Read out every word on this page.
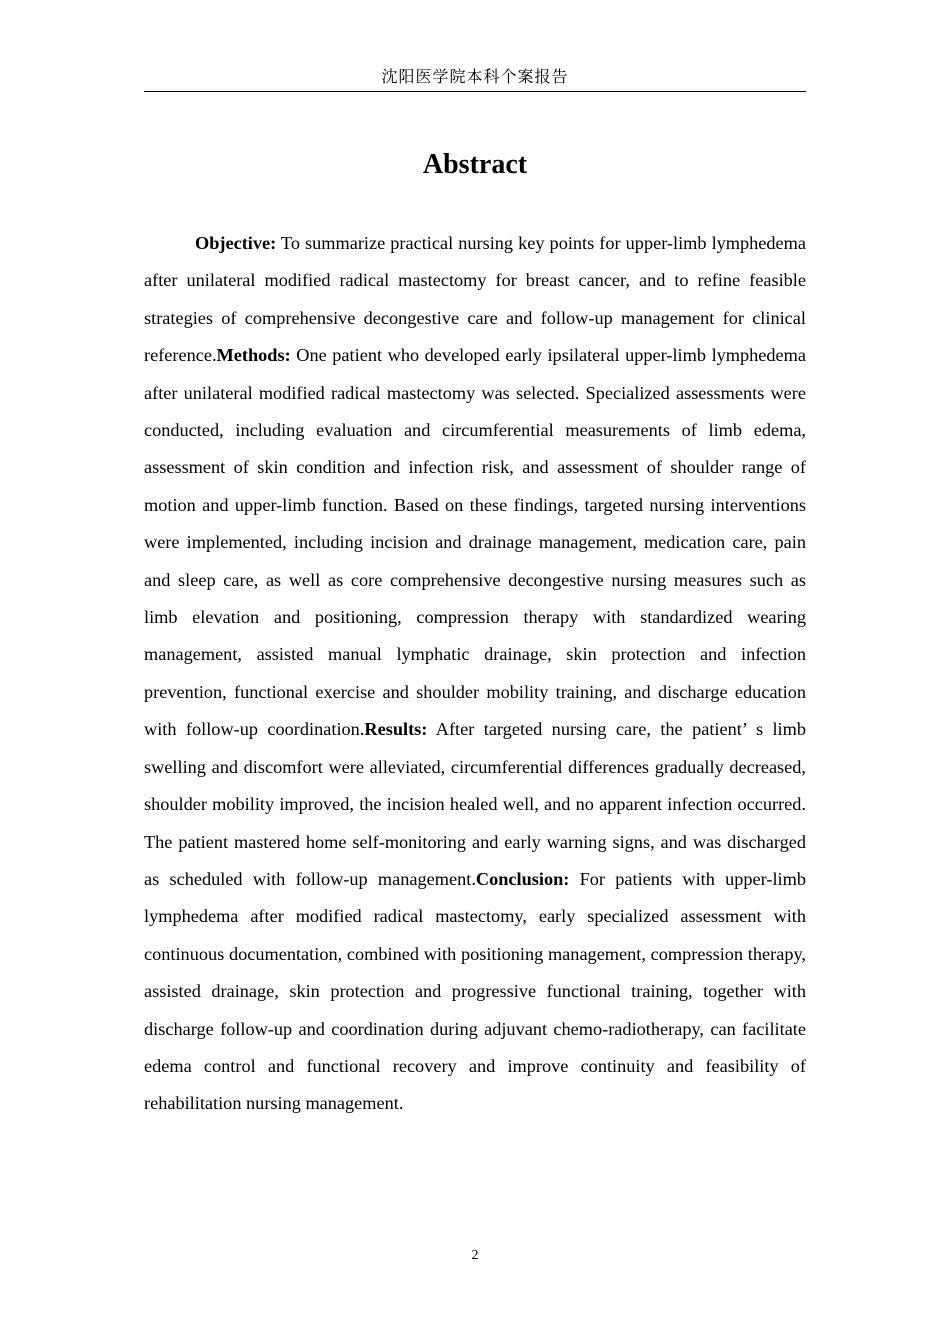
沈阳医学院本科个案报告
Abstract

Objective: To summarize practical nursing key points for upper-limb lymphedema after unilateral modified radical mastectomy for breast cancer, and to refine feasible strategies of comprehensive decongestive care and follow-up management for clinical reference.Methods: One patient who developed early ipsilateral upper-limb lymphedema after unilateral modified radical mastectomy was selected. Specialized assessments were conducted, including evaluation and circumferential measurements of limb edema, assessment of skin condition and infection risk, and assessment of shoulder range of motion and upper-limb function. Based on these findings, targeted nursing interventions were implemented, including incision and drainage management, medication care, pain and sleep care, as well as core comprehensive decongestive nursing measures such as limb elevation and positioning, compression therapy with standardized wearing management, assisted manual lymphatic drainage, skin protection and infection prevention, functional exercise and shoulder mobility training, and discharge education with follow-up coordination.Results: After targeted nursing care, the patient’ s limb swelling and discomfort were alleviated, circumferential differences gradually decreased, shoulder mobility improved, the incision healed well, and no apparent infection occurred. The patient mastered home self-monitoring and early warning signs, and was discharged as scheduled with follow-up management.Conclusion: For patients with upper-limb lymphedema after modified radical mastectomy, early specialized assessment with continuous documentation, combined with positioning management, compression therapy, assisted drainage, skin protection and progressive functional training, together with discharge follow-up and coordination during adjuvant chemo-radiotherapy, can facilitate edema control and functional recovery and improve continuity and feasibility of rehabilitation nursing management.

2
